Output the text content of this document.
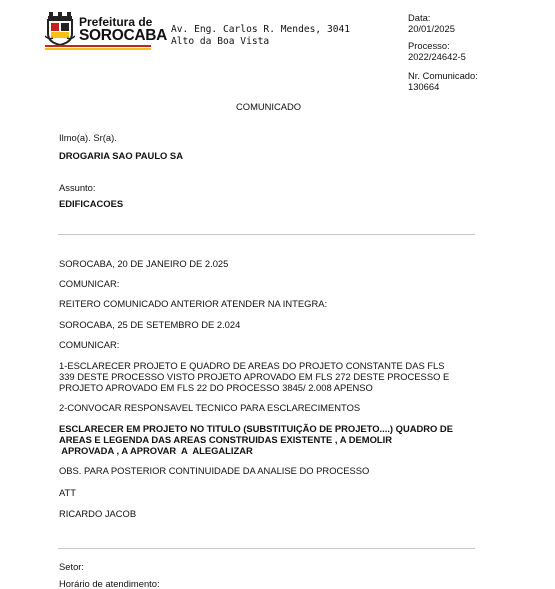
Prefeitura de
SOROCABA Av. Eng. Carlos R. Mendes, 3041
Alto da Boa Vista
Data:
20/01/2025
Processo:
2022/24642-5
Nr. Comunicado:
130664
COMUNICADO
Ilmo(a). Sr(a).
DROGARIA SAO PAULO SA
Assunto:
EDIFICACOES
SOROCABA, 20 DE JANEIRO DE 2.025
COMUNICAR:
REITERO COMUNICADO ANTERIOR ATENDER NA INTEGRA:
SOROCABA, 25 DE SETEMBRO DE 2.024
COMUNICAR:
1-ESCLARECER PROJETO E QUADRO DE AREAS DO PROJETO CONSTANTE DAS FLS
339 DESTE PROCESSO VISTO PROJETO APROVADO EM FLS 272 DESTE PROCESSO E
PROJETO APROVADO EM FLS 22 DO PROCESSO 3845/ 2.008 APENSO
2-CONVOCAR RESPONSAVEL TECNICO PARA ESCLARECIMENTOS
ESCLARECER EM PROJETO NO TITULO (SUBSTITUIÇÃO DE PROJETO....) QUADRO DE
AREAS E LEGENDA DAS AREAS CONSTRUIDAS EXISTENTE , A DEMOLIR
APROVADA , A APROVAR  A  ALEGALIZAR
OBS. PARA POSTERIOR CONTINUIDADE DA ANALISE DO PROCESSO
ATT
RICARDO JACOB
Setor:
Horário de atendimento:
